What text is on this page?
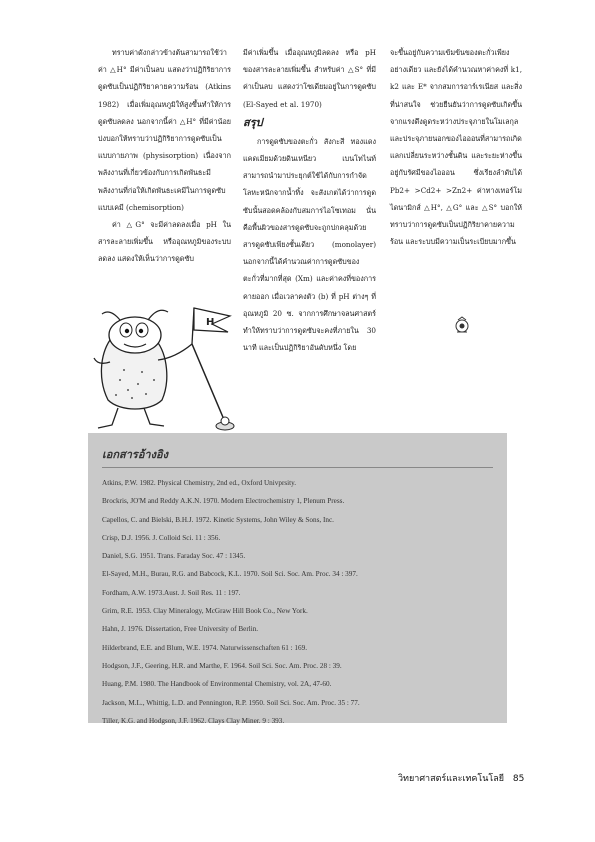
ทราบค่าดังกล่าวข้างต้นสามารถใช้ว่าค่า △H° มีค่าเป็นลบ แสดงว่าปฏิกิริยาการดูดซับเป็นปฏิกิริยาคายความร้อน (Atkins 1982) เมื่อเพิ่มอุณหภูมิให้สูงขึ้นทำให้การดูดซับลดลง นอกจากนี้ค่า △H° ที่มีค่าน้อย บ่งบอกให้ทราบว่าปฏิกิริยาการดูดซับเป็นแบบกายภาพ (physisorption) เนื่องจากพลังงานที่เกี่ยวข้องกับการเกิดพันธะมีพลังงานที่ก่อให้เกิดพันธะเคมีในการดูดซับแบบเคมี (chemisorption)

ค่า △G° จะมีค่าลดลงเมื่อ pH ในสารละลายเพิ่มขึ้น หรืออุณหภูมิของระบบลดลง แสดงให้เห็นว่าการดูดซับ

มีค่าเพิ่มขึ้น เมื่ออุณหภูมิลดลง หรือ pH ของสารละลายเพิ่มขึ้น สำหรับค่า △S° ที่มีค่าเป็นลบ แสดงว่าโซเดียมอยู่ในการดูดซับ (El-Sayed et al. 1970)

สรุป

การดูดซับของตะกั่ว สังกะสี ทองแดง แคดเมียมด้วยดินเหนียว เบนโทไนท์ สามารถนำมาประยุกต์ใช้ได้กับการกำจัดโลหะหนักจากน้ำทิ้ง จะสังเกตได้ว่าการดูดซับนั้นสอดคล้องกับสมการไอโซเทอม นั่นคือพื้นผิวของสารดูดซับจะถูกปกคลุมด้วยสารดูดซับเพียงชั้นเดียว (monolayer) นอกจากนี้ได้คำนวณค่าการดูดซับของตะกั่วที่มากที่สุด (Xm) และค่าคงที่ของการคายออก เมื่อเวลาคงตัว (b) ที่ pH ต่างๆ ที่อุณหภูมิ 20 ซ. จากการศึกษาจลนศาสตร์ทำให้ทราบว่าการดูดซับจะคงที่ภายใน 30 นาที และเป็นปฏิกิริยาอันดับหนึ่ง โดย

จะขึ้นอยู่กับความเข้มข้นของตะกั่วเพียงอย่างเดียว และยังได้คำนวณหาค่าคงที่ k1, k2 และ E* จากสมการอาร์เรเนียส และสิ่งที่น่าสนใจ ช่วยยืนยันว่าการดูดซับเกิดขึ้นจากแรงดึงดูดระหว่างประจุภายในโมเลกุลและประจุภายนอกของไอออนที่สามารถเกิดแลกเปลี่ยนระหว่างชั้นดิน และระยะห่างขึ้นอยู่กับรัศมีของไอออน ซึ่งเรียงลำดับได้ Pb2+ >Cd2+ >Zn2+ ค่าทางเทอร์โมไดนามิกส์ △H°, △G° และ △S° บอกให้ทราบว่าการดูดซับเป็นปฏิกิริยาคายความร้อน และระบบมีความเป็นระเบียบมากขึ้น

H
เอกสารอ้างอิง
Atkins, P.W. 1982. Physical Chemistry, 2nd ed., Oxford Univprsity.
Brockris, JO'M and Reddy A.K.N. 1970. Modern Electrochemistry 1, Plenum Press.
Capellos, C. and Bielski, B.H.J. 1972. Kinetic Systems, John Wiley & Sons, Inc.
Crisp, D.J. 1956. J. Colloid Sci. 11 : 356.
Daniel, S.G. 1951. Trans. Faraday Soc. 47 : 1345.
El-Sayed, M.H., Burau, R.G. and Babcock, K.L. 1970. Soil Sci. Soc. Am. Proc. 34 : 397.
Fordham, A.W. 1973.Aust. J. Soil Res. 11 : 197.
Grim, R.E. 1953. Clay Mineralogy, McGraw Hill Book Co., New York.
Hahn, J. 1976. Dissertation, Free University of Berlin.
Hilderbrand, E.E. and Blum, W.E. 1974. Naturwissenschaften 61 : 169.
Hodgson, J.F., Geering, H.R. and Marthe, F. 1964. Soil Sci. Soc. Am. Proc. 28 : 39.
Huang, P.M. 1980. The Handbook of Environmental Chemistry, vol. 2A, 47-60.
Jackson, M.L., Whittig, L.D. and Pennington, R.P. 1950. Soil Sci. Soc. Am. Proc. 35 : 77.
Tiller, K.G. and Hodgson, J.F. 1962. Clays Clay Miner. 9 : 393.
วิทยาศาสตร์และเทคโนโลยี 85
